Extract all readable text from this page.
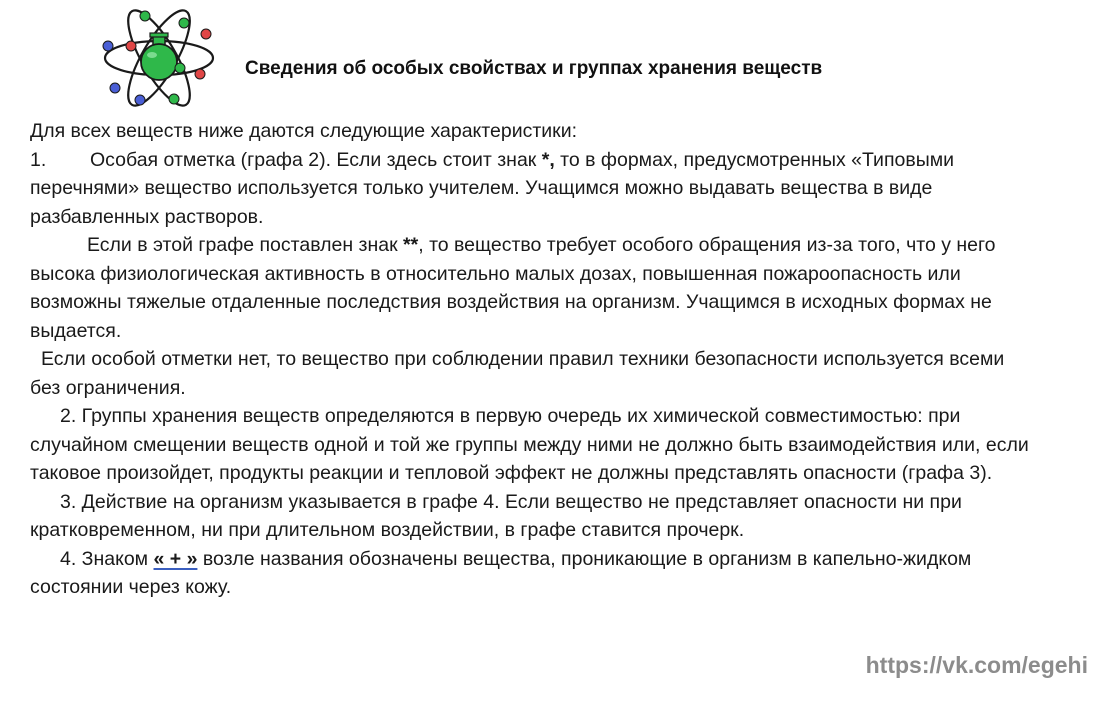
Сведения об особых свойствах и группах хранения веществ
Для всех веществ ниже даются следующие характеристики:
1. Особая отметка (графа 2). Если здесь стоит знак *, то в формах, предусмотренных «Типовыми
перечнями» вещество используется только учителем. Учащимся можно выдавать вещества в виде
разбавленных растворов.
Если в этой графе поставлен знак **, то вещество требует особого обращения из-за того, что у него
высока физиологическая активность в относительно малых дозах, повышенная пожароопасность или
возможны тяжелые отдаленные последствия воздействия на организм. Учащимся в исходных формах не
выдается.
Если особой отметки нет, то вещество при соблюдении правил техники безопасности используется всеми
без ограничения.
2. Группы хранения веществ определяются в первую очередь их химической совместимостью: при
случайном смещении веществ одной и той же группы между ними не должно быть взаимодействия или, если
таковое произойдет, продукты реакции и тепловой эффект не должны представлять опасности (графа 3).
3. Действие на организм указывается в графе 4. Если вещество не представляет опасности ни при
кратковременном, ни при длительном воздействии, в графе ставится прочерк.
4. Знаком « + » возле названия обозначены вещества, проникающие в организм в капельно-жидком
состоянии через кожу.
https://vk.com/egehi
